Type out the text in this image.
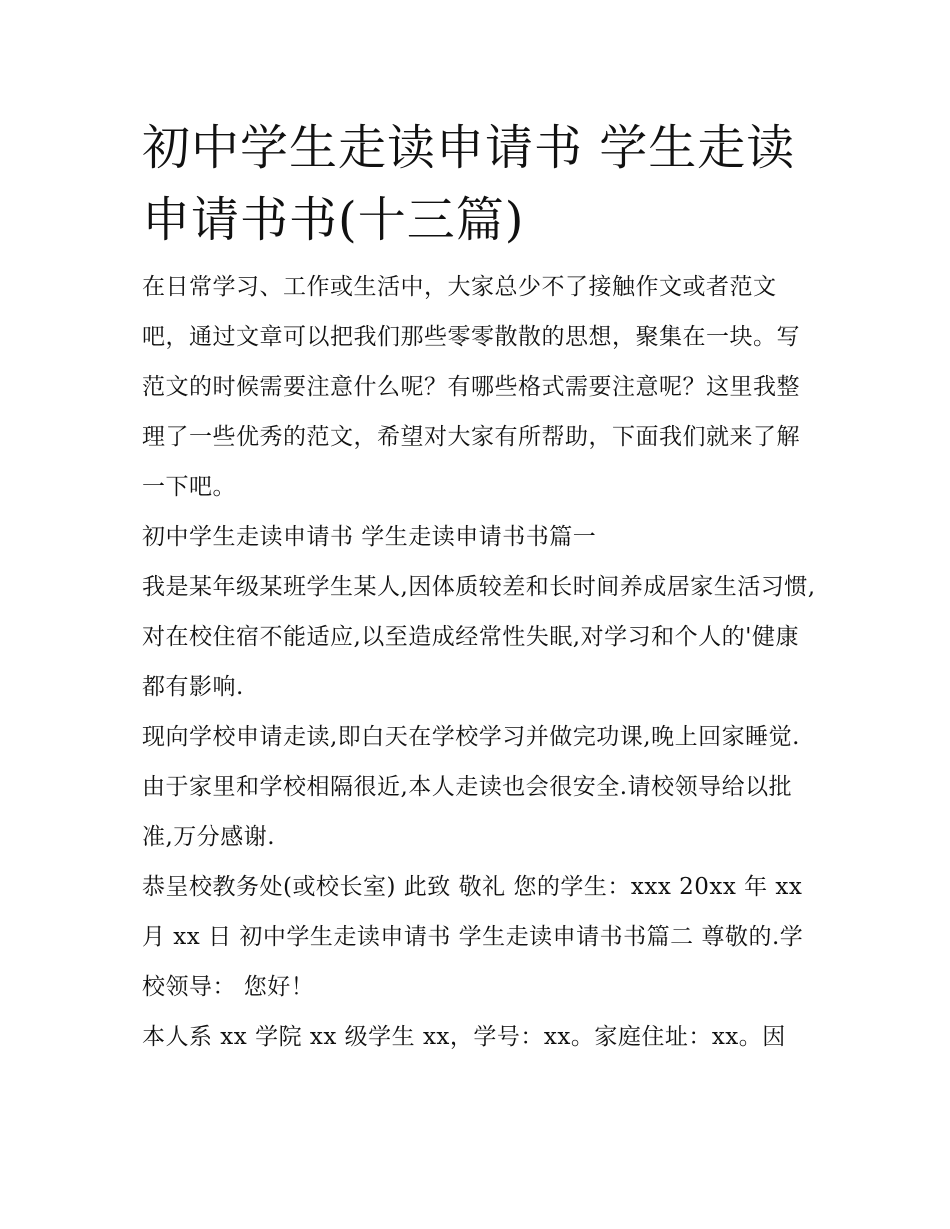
初中学生走读申请书 学生走读
申请书书(十三篇)

在日常学习、工作或生活中，大家总少不了接触作文或者范文吧，通过文章可以把我们那些零零散散的思想，聚集在一块。写范文的时候需要注意什么呢？有哪些格式需要注意呢？这里我整理了一些优秀的范文，希望对大家有所帮助，下面我们就来了解一下吧。

初中学生走读申请书 学生走读申请书书篇一

我是某年级某班学生某人,因体质较差和长时间养成居家生活习惯,对在校住宿不能适应,以至造成经常性失眠,对学习和个人的'健康都有影响.

现向学校申请走读,即白天在学校学习并做完功课,晚上回家睡觉.由于家里和学校相隔很近,本人走读也会很安全.请校领导给以批准,万分感谢.

恭呈校教务处(或校长室) 此致 敬礼 您的学生：xxx 20xx 年 xx 月 xx 日 初中学生走读申请书 学生走读申请书书篇二 尊敬的.学校领导： 您好！

本人系 xx 学院 xx 级学生 xx，学号：xx。家庭住址：xx。因
